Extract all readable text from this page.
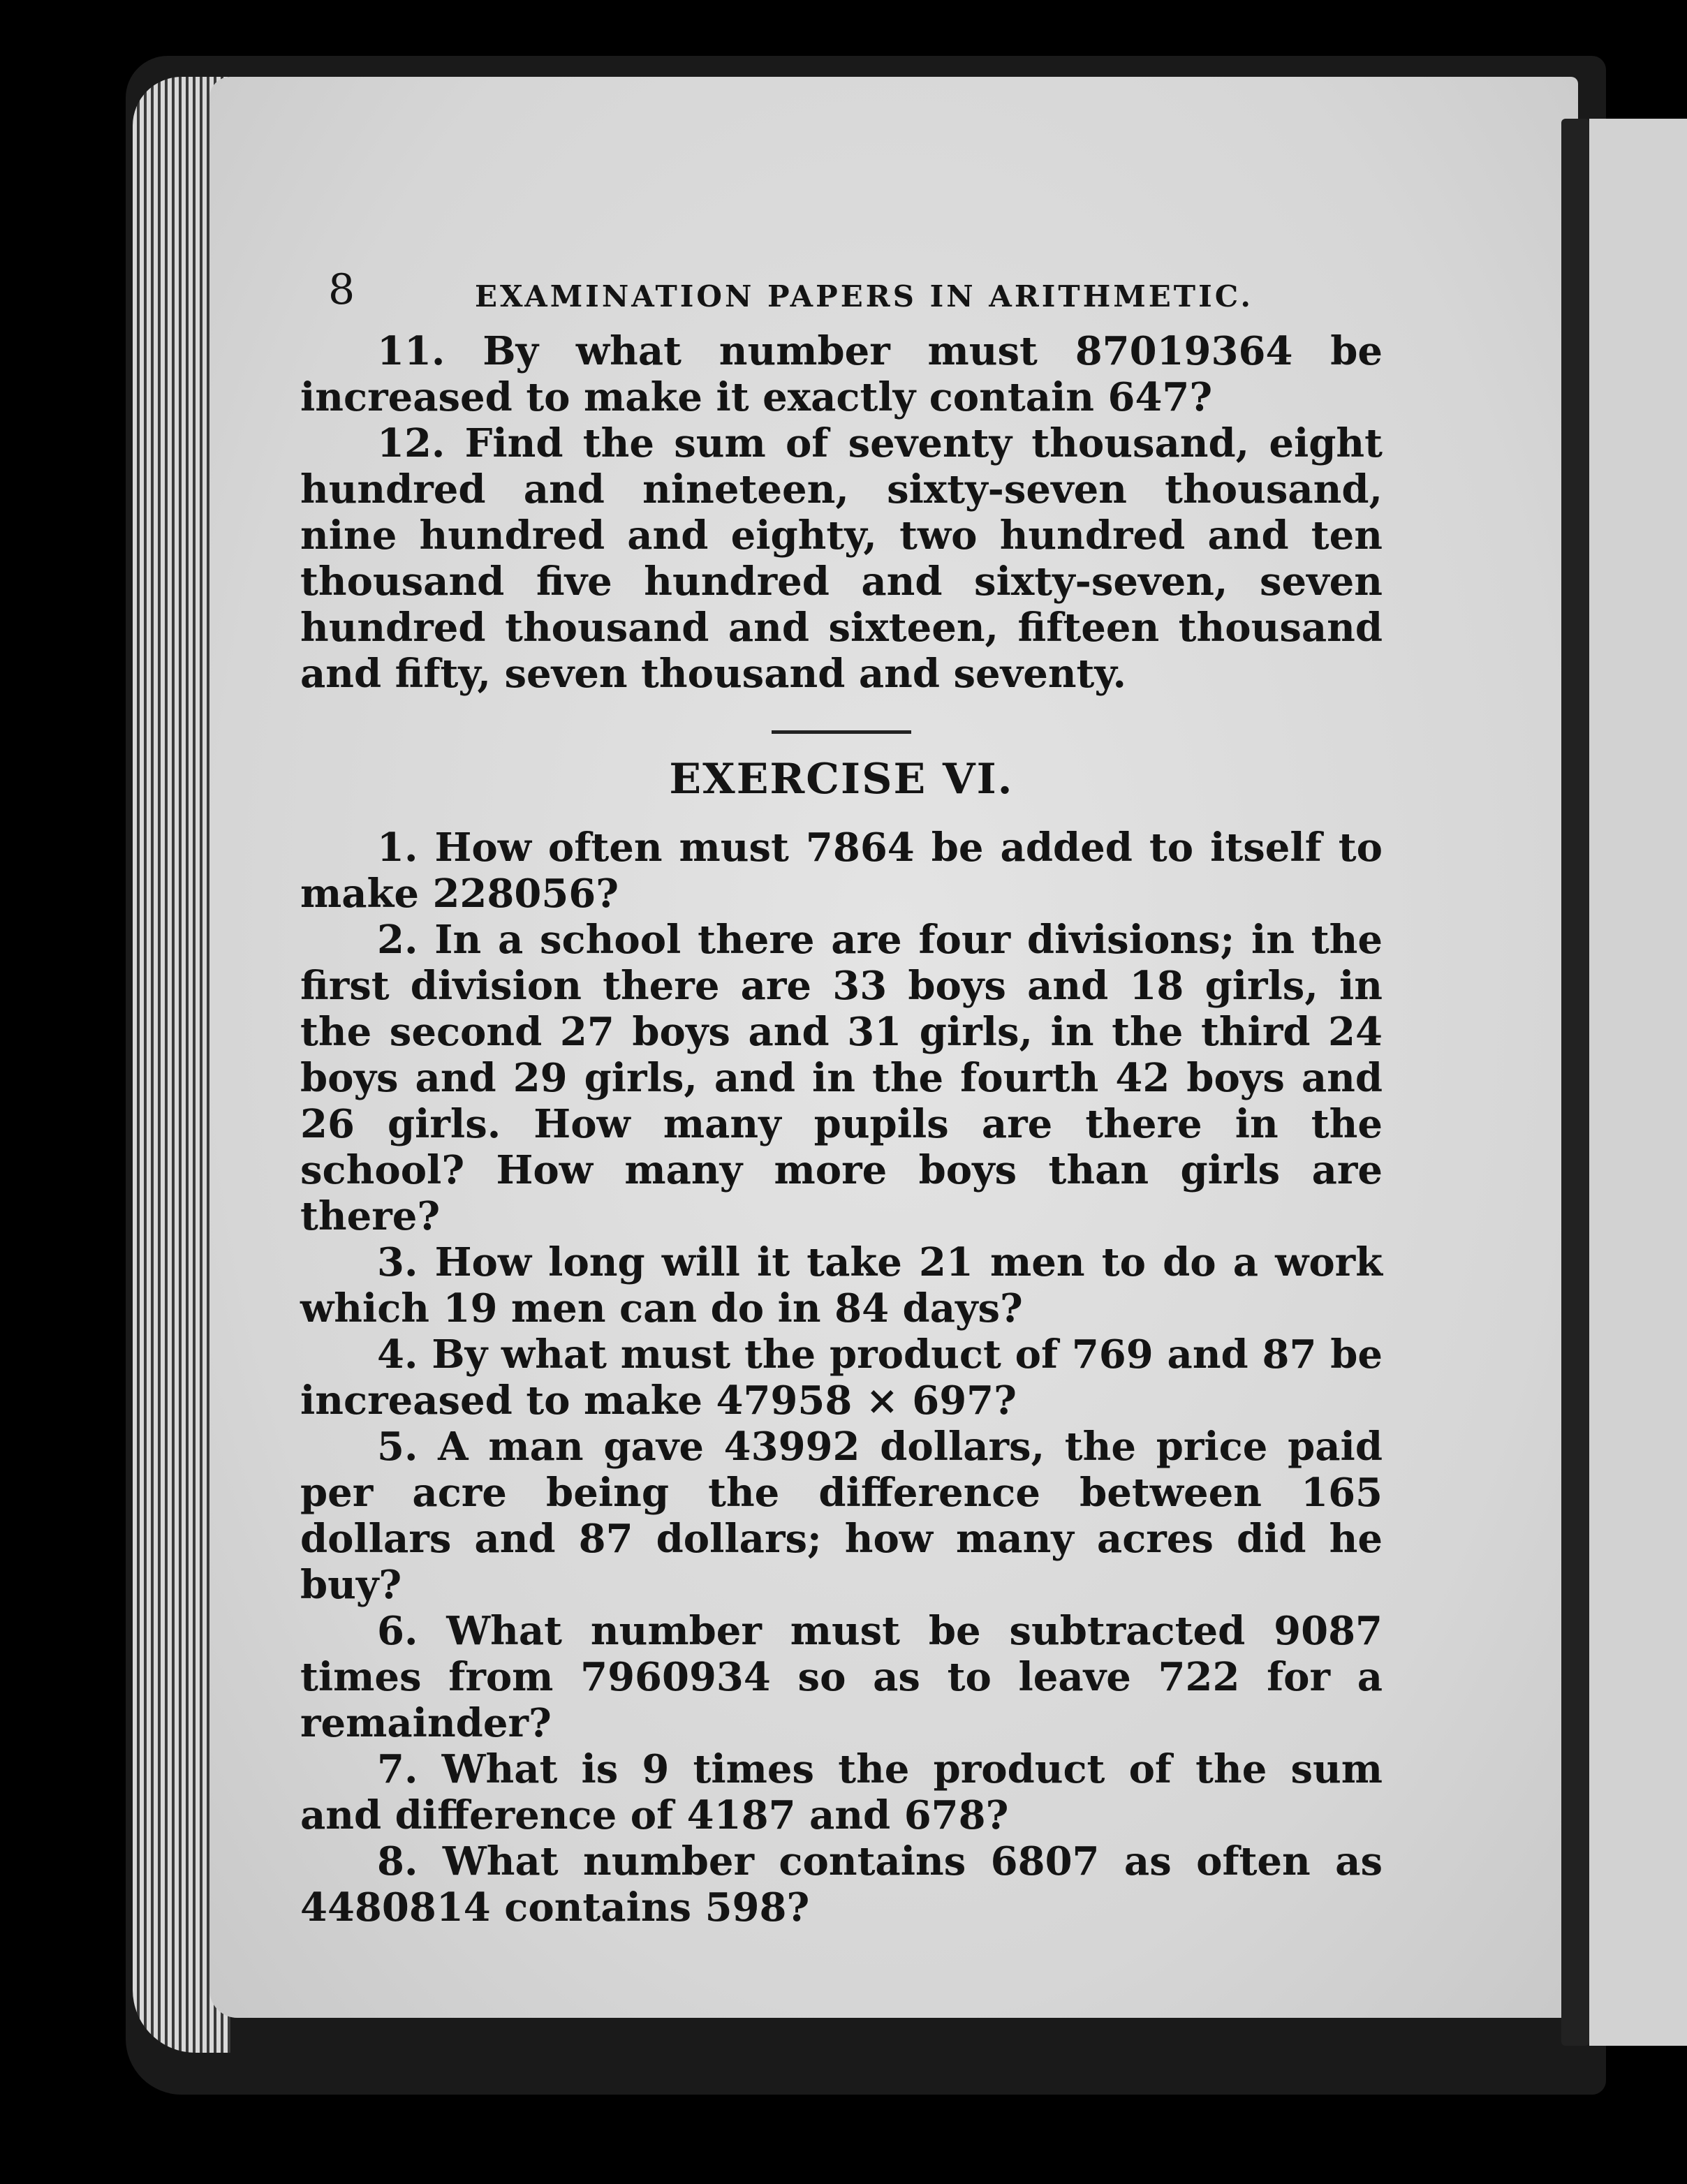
8	EXAMINATION PAPERS IN ARITHMETIC.

11. By what number must 87019364 be increased to make it exactly contain 647?

12. Find the sum of seventy thousand, eight hundred and nineteen, sixty-seven thousand, nine hundred and eighty, two hundred and ten thousand five hundred and sixty-seven, seven hundred thousand and sixteen, fifteen thousand and fifty, seven thousand and seventy.

EXERCISE VI.

1. How often must 7864 be added to itself to make 228056?

2. In a school there are four divisions; in the first division there are 33 boys and 18 girls, in the second 27 boys and 31 girls, in the third 24 boys and 29 girls, and in the fourth 42 boys and 26 girls. How many pupils are there in the school? How many more boys than girls are there?

3. How long will it take 21 men to do a work which 19 men can do in 84 days?

4. By what must the product of 769 and 87 be increased to make 47958 × 697?

5. A man gave 43992 dollars, the price paid per acre being the difference between 165 dollars and 87 dollars; how many acres did he buy?

6. What number must be subtracted 9087 times from 7960934 so as to leave 722 for a remainder?

7. What is 9 times the product of the sum and difference of 4187 and 678?

8. What number contains 6807 as often as 4480814 contains 598?
